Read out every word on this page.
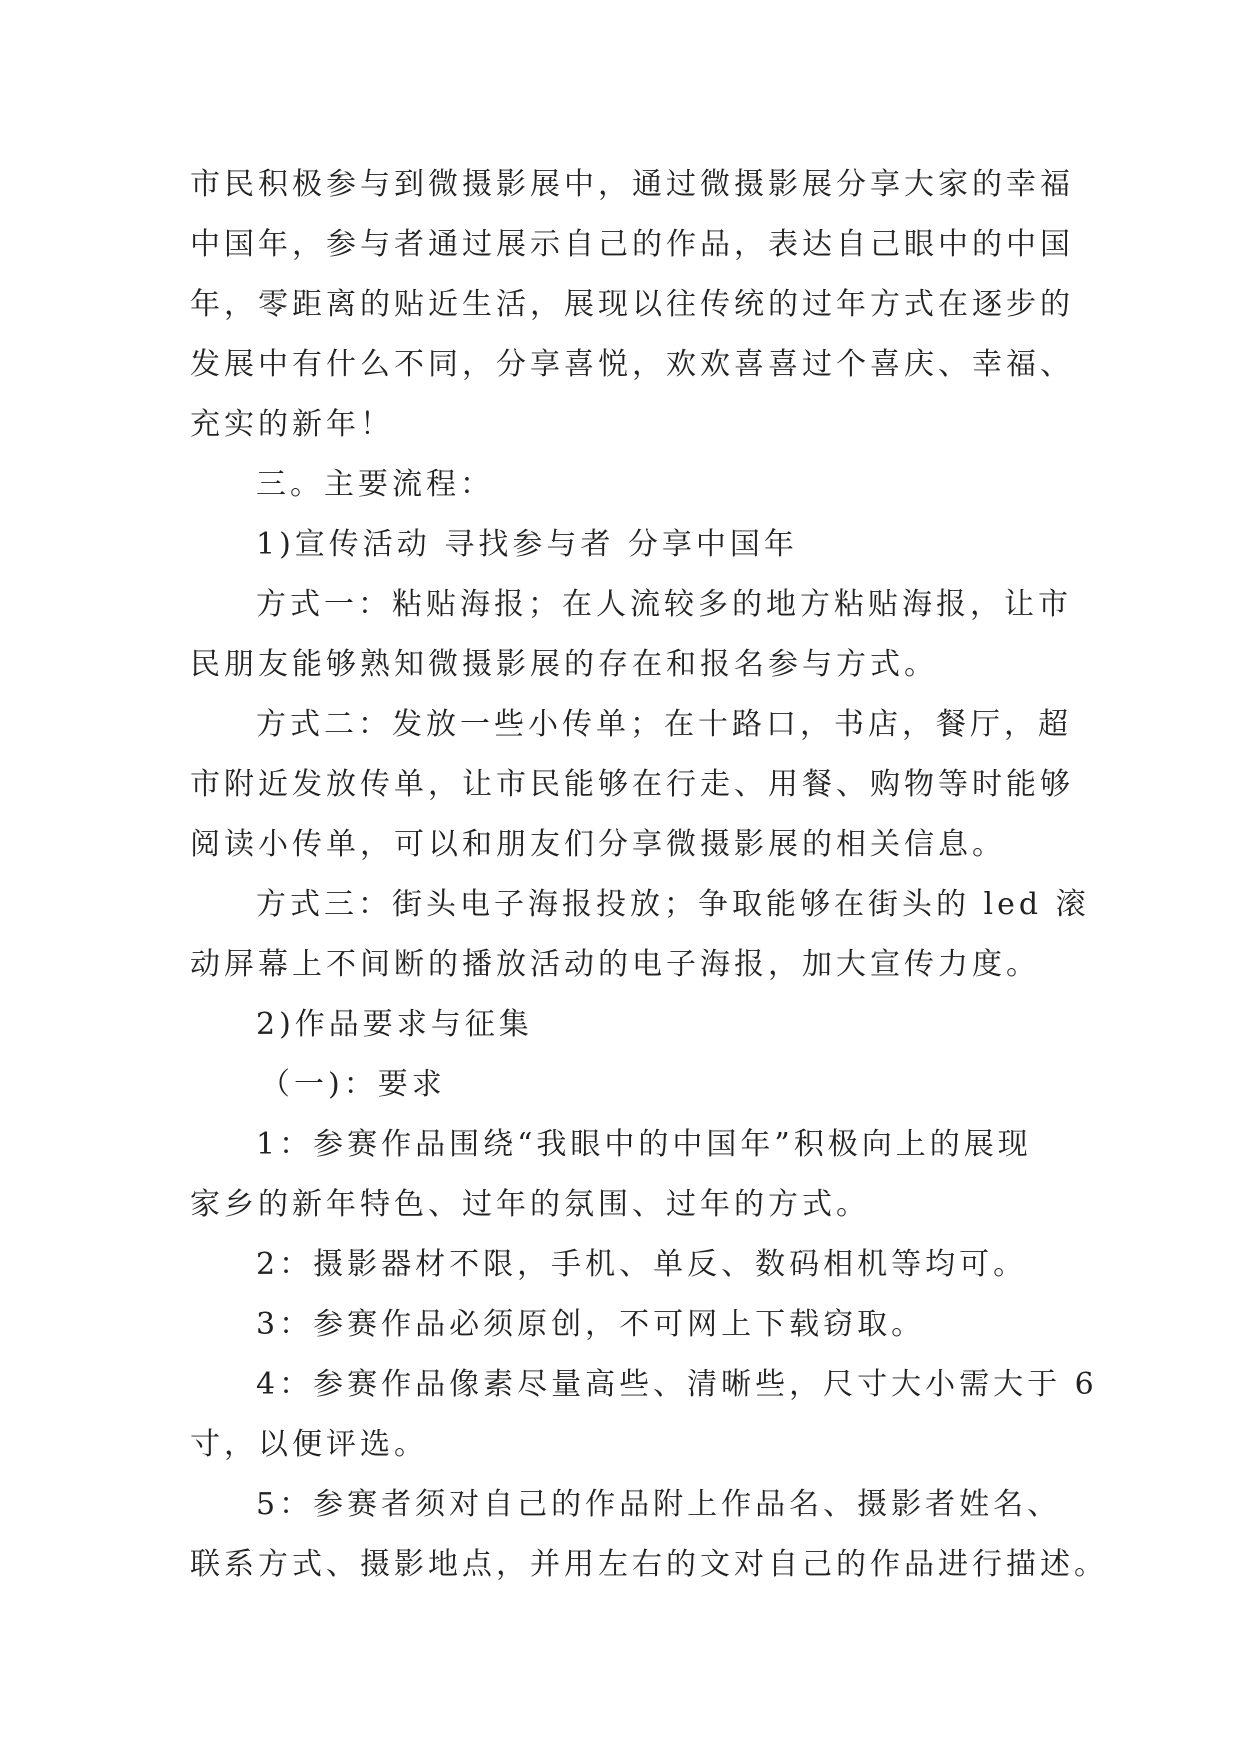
市民积极参与到微摄影展中，通过微摄影展分享大家的幸福

中国年，参与者通过展示自己的作品，表达自己眼中的中国

年，零距离的贴近生活，展现以往传统的过年方式在逐步的

发展中有什么不同，分享喜悦，欢欢喜喜过个喜庆、幸福、

充实的新年！

三。主要流程：

1)宣传活动 寻找参与者 分享中国年

方式一：粘贴海报；在人流较多的地方粘贴海报，让市

民朋友能够熟知微摄影展的存在和报名参与方式。

方式二：发放一些小传单；在十路口，书店，餐厅，超

市附近发放传单，让市民能够在行走、用餐、购物等时能够

阅读小传单，可以和朋友们分享微摄影展的相关信息。

方式三：街头电子海报投放；争取能够在街头的 led 滚

动屏幕上不间断的播放活动的电子海报，加大宣传力度。

2)作品要求与征集

（一)：要求

1：参赛作品围绕“我眼中的中国年”积极向上的展现

家乡的新年特色、过年的氛围、过年的方式。

2：摄影器材不限，手机、单反、数码相机等均可。

3：参赛作品必须原创，不可网上下载窃取。

4：参赛作品像素尽量高些、清晰些，尺寸大小需大于 6

寸，以便评选。

5：参赛者须对自己的作品附上作品名、摄影者姓名、

联系方式、摄影地点，并用左右的文对自己的作品进行描述。
